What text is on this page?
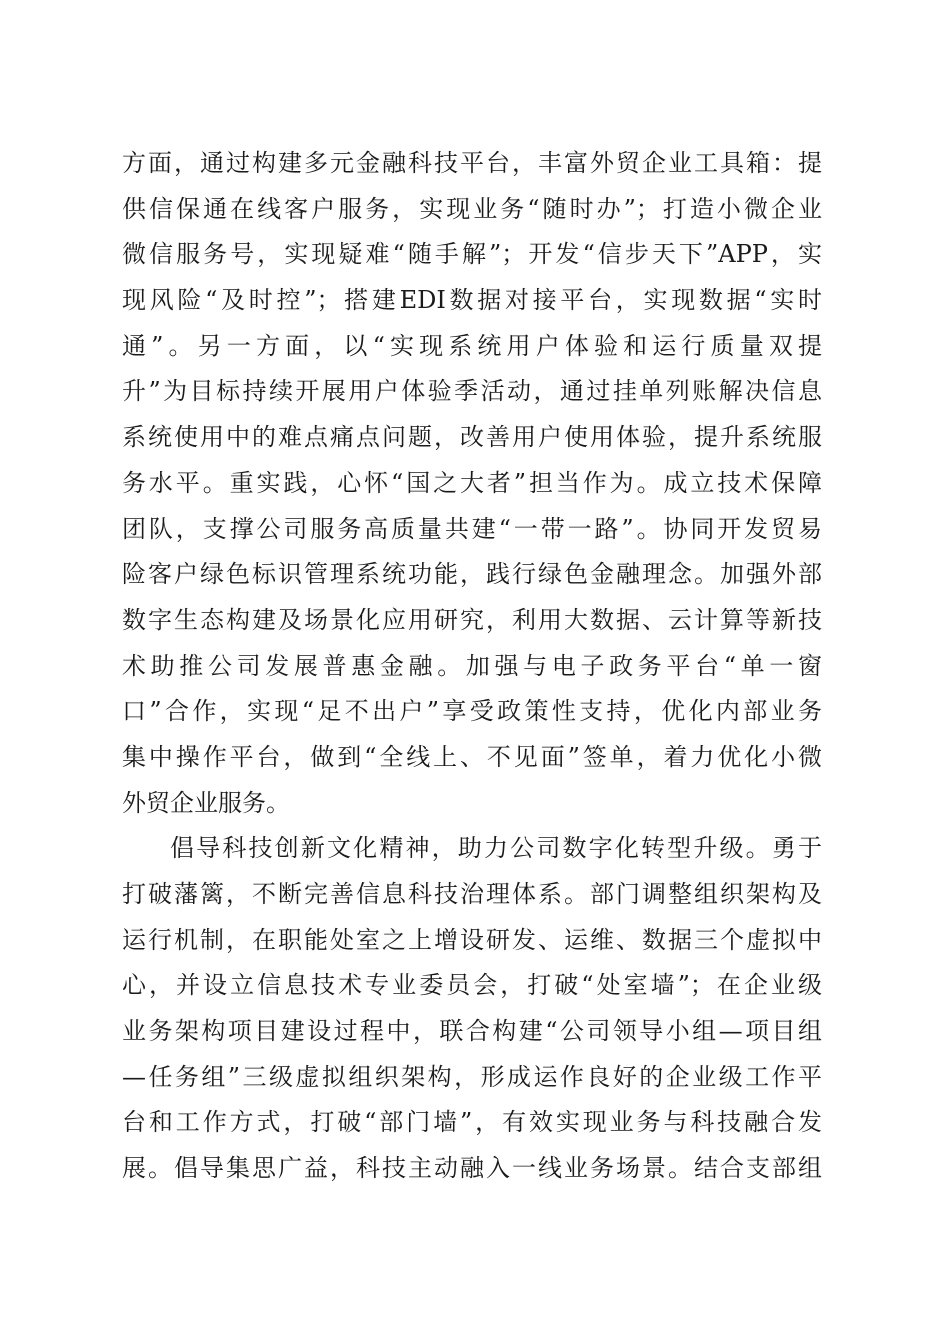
方面，通过构建多元金融科技平台，丰富外贸企业工具箱：提
供信保通在线客户服务，实现业务“随时办”；打造小微企业
微信服务号，实现疑难“随手解”；开发“信步天下”APP，实
现风险“及时控”；搭建EDI数据对接平台，实现数据“实时
通”。另一方面，以“实现系统用户体验和运行质量双提
升”为目标持续开展用户体验季活动，通过挂单列账解决信息
系统使用中的难点痛点问题，改善用户使用体验，提升系统服
务水平。重实践，心怀“国之大者”担当作为。成立技术保障
团队，支撑公司服务高质量共建“一带一路”。协同开发贸易
险客户绿色标识管理系统功能，践行绿色金融理念。加强外部
数字生态构建及场景化应用研究，利用大数据、云计算等新技
术助推公司发展普惠金融。加强与电子政务平台“单一窗
口”合作，实现“足不出户”享受政策性支持，优化内部业务
集中操作平台，做到“全线上、不见面”签单，着力优化小微
外贸企业服务。
倡导科技创新文化精神，助力公司数字化转型升级。勇于
打破藩篱，不断完善信息科技治理体系。部门调整组织架构及
运行机制，在职能处室之上增设研发、运维、数据三个虚拟中
心，并设立信息技术专业委员会，打破“处室墙”；在企业级
业务架构项目建设过程中，联合构建“公司领导小组—项目组
—任务组”三级虚拟组织架构，形成运作良好的企业级工作平
台和工作方式，打破“部门墙”，有效实现业务与科技融合发
展。倡导集思广益，科技主动融入一线业务场景。结合支部组
